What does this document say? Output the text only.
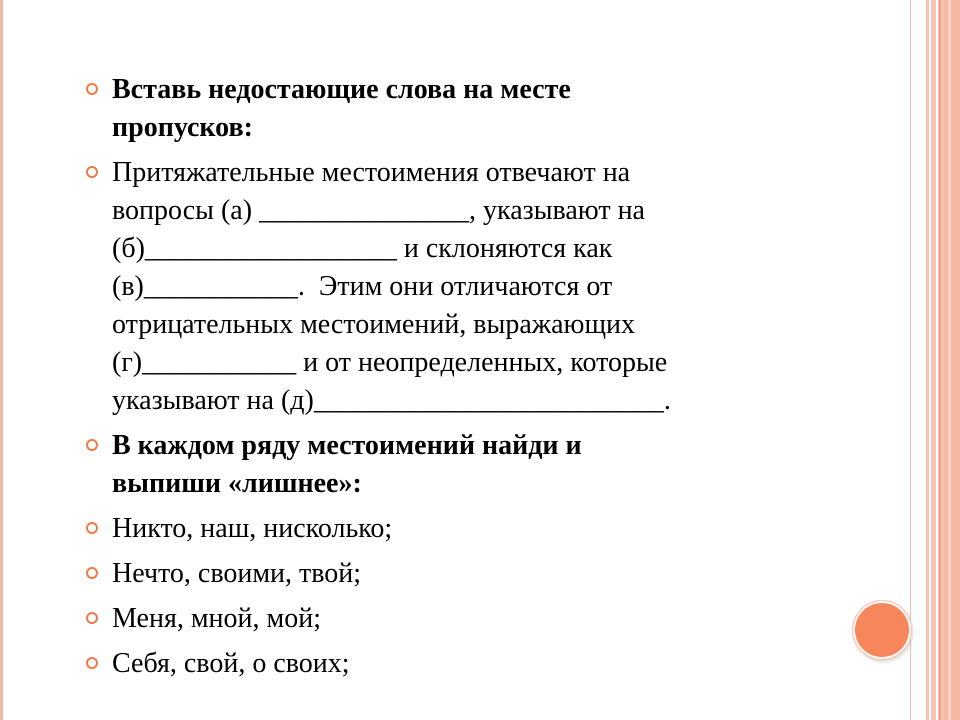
Вставь недостающие слова на месте
пропусков:
Притяжательные местоимения отвечают на
вопросы (а) _______________, указывают на
(б)__________________ и склоняются как
(в)___________.  Этим они отличаются от
отрицательных местоимений, выражающих
(г)___________ и от неопределенных, которые
указывают на (д)_________________________.
В каждом ряду местоимений найди и
выпиши «лишнее»:
Никто, наш, нисколько;
Нечто, своими, твой;
Меня, мной, мой;
Себя, свой, о своих;
